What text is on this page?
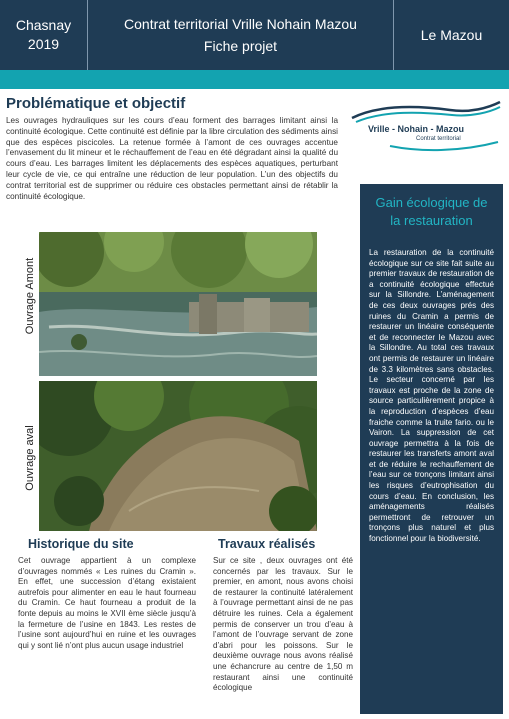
Chasnay
2019
Contrat territorial Vrille Nohain Mazou
Fiche projet
Le Mazou
Problématique et objectif
Les ouvrages hydrauliques sur les cours d’eau forment des barrages limitant ainsi la continuité écologique. Cette continuité est définie par la libre circulation des sédiments ainsi que des espèces piscicoles. La retenue formée à l’amont de ces ouvrages accentue l’envasement du lit mineur et le réchauffement de l’eau en été dégradant ainsi la qualité du cours d’eau. Les barrages limitent les déplacements des espèces aquatiques, perturbant leur cycle de vie, ce qui entraîne une réduction de leur population. L’un des objectifs du contrat territorial est de supprimer ou réduire ces obstacles permettant ainsi de rétablir la continuité écologique.
Vrille - Nohain - Mazou
Contrat territorial
Gain écologique de
la restauration
La restauration de la continuité écologique sur ce site fait suite au premier travaux de restauration de a continuité écologique effectué sur la Sillondre. L’aménagement de ces deux ouvrages prés des ruines du Cramin a permis de restaurer un linéaire conséquente et de reconnecter le Mazou avec la Sillondre. Au total ces travaux ont permis de restaurer un linéaire de 3.3 kilomètres sans obstacles. Le secteur concerné par les travaux est proche de la zone de source particulièrement propice à la reproduction d’espèces d’eau fraiche comme la truite fario. ou le Vairon. La suppression de cet ouvrage permettra à la fois de restaurer les transferts amont aval et de réduire le rechauffement de l’eau sur ce tronçons limitant ainsi les risques d’eutrophisation du cours d’eau. En conclusion, les aménagements réalisés permettront de retrouver un tronçons plus naturel et plus fonctionnel pour la biodiversité.
Ouvrage Amont
Ouvrage aval
Historique du site
Cet ouvrage appartient à un complexe d’ouvrages nommés « Les ruines du Cramin ». En effet, une succession d’étang existaient autrefois pour alimenter en eau le haut fourneau du Cramin. Ce haut fourneau a produit de la fonte depuis au moins le XVII ème siècle jusqu’à la fermeture de l’usine en 1843. Les restes de l’usine sont aujourd’hui en ruine et les ouvrages qui y sont lié n’ont plus aucun usage industriel
Travaux réalisés
Sur ce site , deux ouvrages ont été concernés par les travaux. Sur le premier, en amont, nous avons choisi de restaurer la continuité latéralement à l’ouvrage permettant ainsi de ne pas détruire les ruines. Cela a également permis de conserver un trou d’eau à l’amont de l’ouvrage servant de zone d’abri pour les poissons. Sur le deuxième ouvrage nous avons réalisé une échancrure au centre de 1,50 m restaurant ainsi une continuité écologique
